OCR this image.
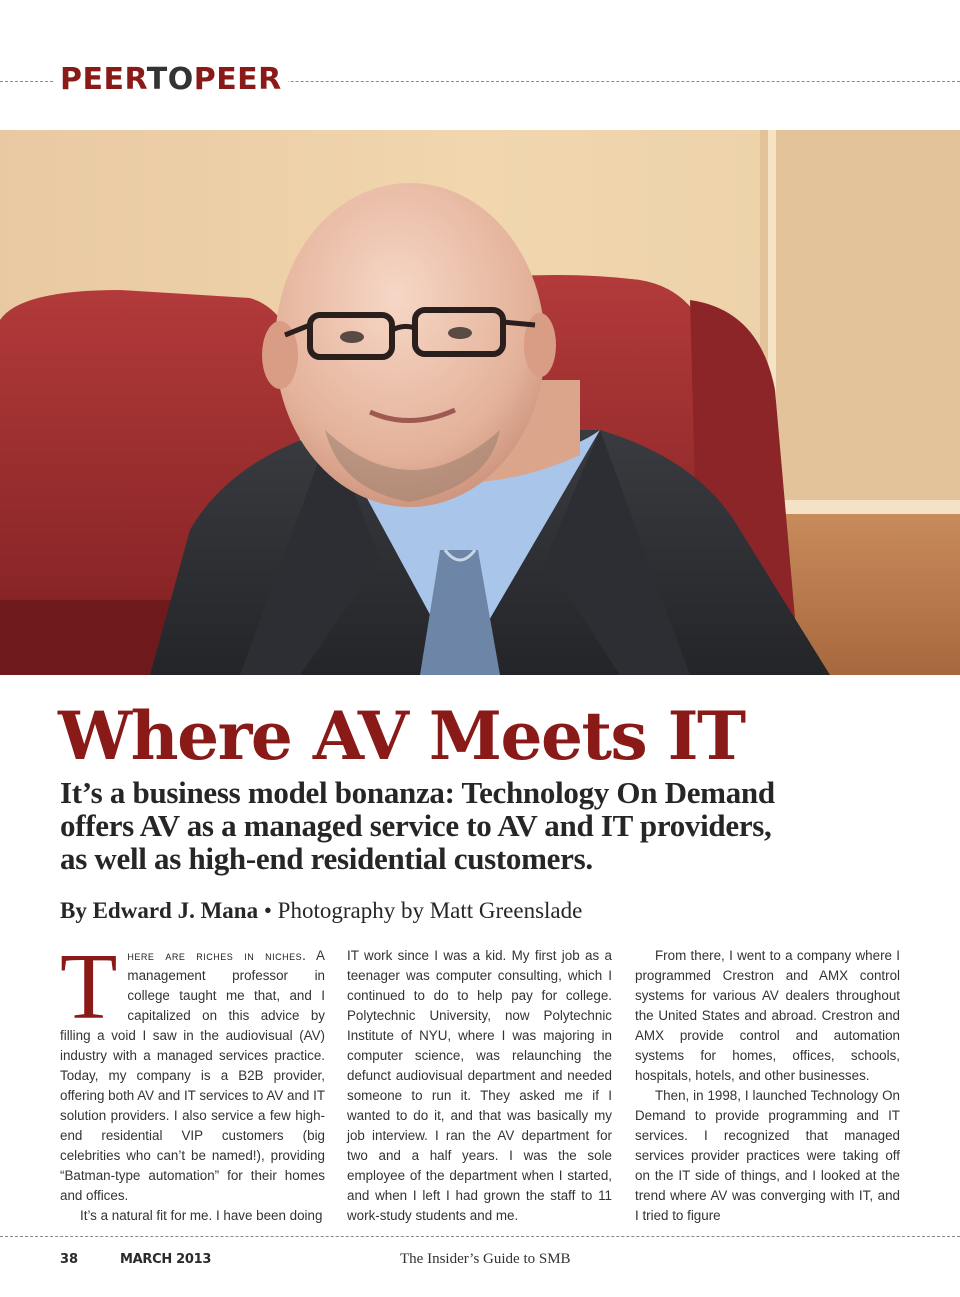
PEERTOPEER
Where AV Meets IT
It’s a business model bonanza: Technology On Demand offers AV as a managed service to AV and IT providers, as well as high-end residential customers.
By Edward J. Mana • Photography by Matt Greenslade

There are riches in niches. A management professor in college taught me that, and I capitalized on this advice by filling a void I saw in the audiovisual (AV) industry with a managed services practice. Today, my company is a B2B provider, offering both AV and IT services to AV and IT solution providers. I also service a few high-end residential VIP customers (big celebrities who can’t be named!), providing “Batman-type automation” for their homes and offices.

It’s a natural fit for me. I have been doing

IT work since I was a kid. My first job as a teenager was computer consulting, which I continued to do to help pay for college. Polytechnic University, now Polytechnic Institute of NYU, where I was majoring in computer science, was relaunching the defunct audiovisual department and needed someone to run it. They asked me if I wanted to do it, and that was basically my job interview. I ran the AV department for two and a half years. I was the sole employee of the department when I started, and when I left I had grown the staff to 11 work-study students and me.

From there, I went to a company where I programmed Crestron and AMX control systems for various AV dealers throughout the United States and abroad. Crestron and AMX provide control and automation systems for homes, offices, schools, hospitals, hotels, and other businesses.

Then, in 1998, I launched Technology On Demand to provide programming and IT services. I recognized that managed services provider practices were taking off on the IT side of things, and I looked at the trend where AV was converging with IT, and I tried to figure

38	MARCH 2013	The Insider’s Guide to SMB
